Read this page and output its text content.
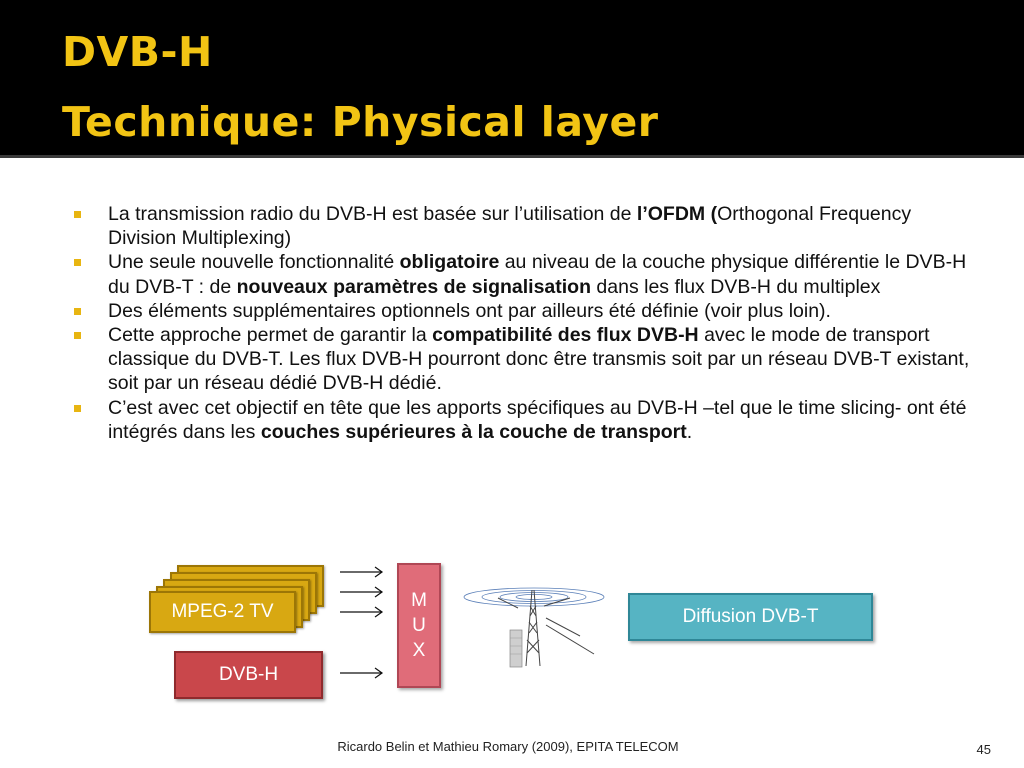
DVB-H
Technique: Physical layer
La transmission radio du DVB-H est basée sur l’utilisation de l’OFDM (Orthogonal Frequency Division Multiplexing)
Une seule nouvelle fonctionnalité obligatoire au niveau de la couche physique différentie le DVB-H du DVB-T : de nouveaux paramètres de signalisation dans les flux DVB-H du multiplex
Des éléments supplémentaires optionnels ont par ailleurs été définie (voir plus loin).
Cette approche permet de garantir la compatibilité des flux DVB-H avec le mode de transport classique du DVB-T. Les flux DVB-H pourront donc être transmis soit par un réseau DVB-T existant, soit par un réseau dédié DVB-H dédié.
C’est avec cet objectif en tête que les apports spécifiques au DVB-H –tel que le time slicing- ont été intégrés dans les couches supérieures à la couche de transport.
MPEG-2 TV
DVB-H
M
U
X
Diffusion DVB-T
Ricardo Belin et Mathieu Romary (2009), EPITA TELECOM	45
